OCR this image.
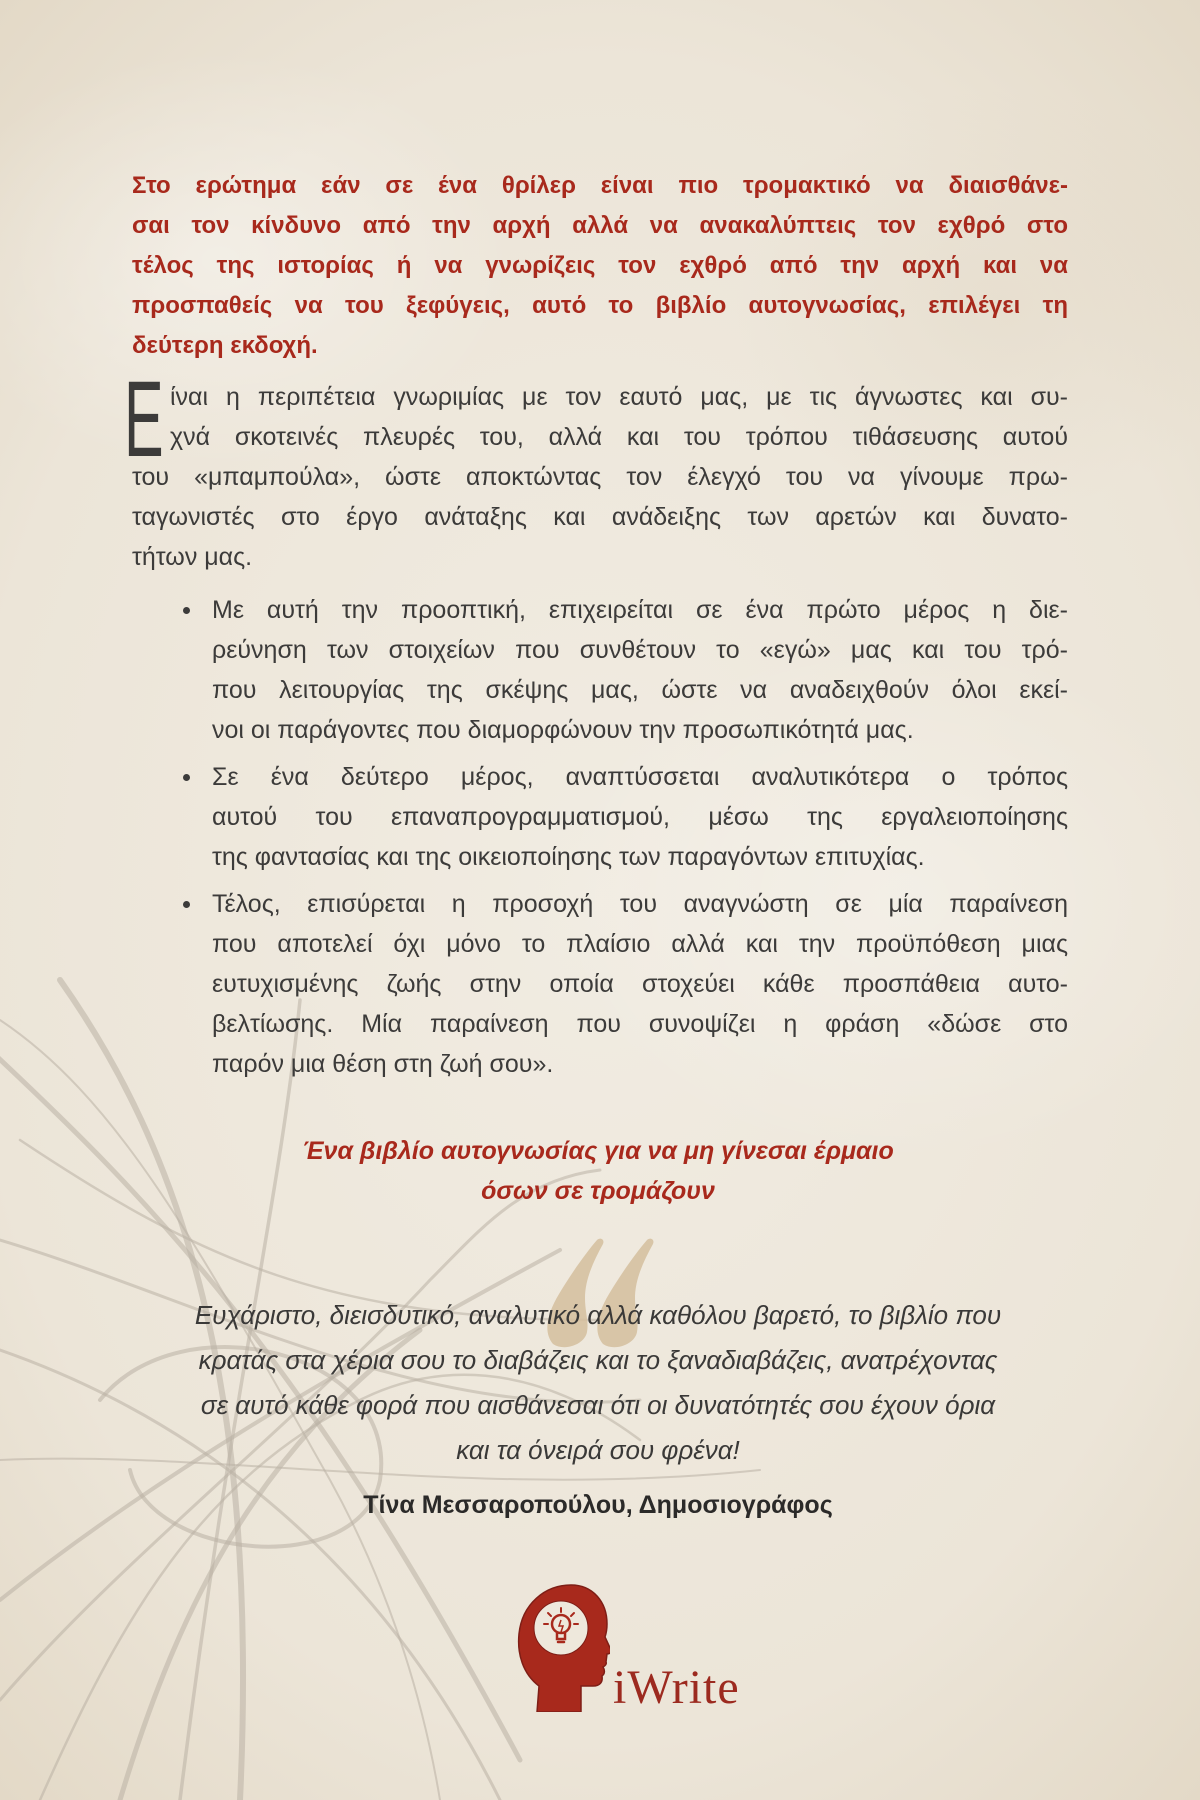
Στο ερώτημα εάν σε ένα θρίλερ είναι πιο τρομακτικό να διαισθάνε-
σαι τον κίνδυνο από την αρχή αλλά να ανακαλύπτεις τον εχθρό στο
τέλος της ιστορίας ή να γνωρίζεις τον εχθρό από την αρχή και να
προσπαθείς να του ξεφύγεις, αυτό το βιβλίο αυτογνωσίας, επιλέγει τη
δεύτερη εκδοχή.
Ε ίναι η περιπέτεια γνωριμίας με τον εαυτό μας, με τις άγνωστες και συ-
χνά σκοτεινές πλευρές του, αλλά και του τρόπου τιθάσευσης αυτού
του «μπαμπούλα», ώστε αποκτώντας τον έλεγχό του να γίνουμε πρω-
ταγωνιστές στο έργο ανάταξης και ανάδειξης των αρετών και δυνατο-
τήτων μας.
Με αυτή την προοπτική, επιχειρείται σε ένα πρώτο μέρος η διε-
ρεύνηση των στοιχείων που συνθέτουν το «εγώ» μας και του τρό-
που λειτουργίας της σκέψης μας, ώστε να αναδειχθούν όλοι εκεί-
νοι οι παράγοντες που διαμορφώνουν την προσωπικότητά μας.
Σε ένα δεύτερο μέρος, αναπτύσσεται αναλυτικότερα ο τρόπος
αυτού του επαναπρογραμματισμού, μέσω της εργαλειοποίησης
της φαντασίας και της οικειοποίησης των παραγόντων επιτυχίας.
Τέλος, επισύρεται η προσοχή του αναγνώστη σε μία παραίνεση
που αποτελεί όχι μόνο το πλαίσιο αλλά και την προϋπόθεση μιας
ευτυχισμένης ζωής στην οποία στοχεύει κάθε προσπάθεια αυτο-
βελτίωσης. Μία παραίνεση που συνοψίζει η φράση «δώσε στο
παρόν μια θέση στη ζωή σου».
Ένα βιβλίο αυτογνωσίας για να μη γίνεσαι έρμαιο
όσων σε τρομάζουν
Ευχάριστο, διεισδυτικό, αναλυτικό αλλά καθόλου βαρετό, το βιβλίο που
κρατάς στα χέρια σου το διαβάζεις και το ξαναδιαβάζεις, ανατρέχοντας
σε αυτό κάθε φορά που αισθάνεσαι ότι οι δυνατότητές σου έχουν όρια
και τα όνειρά σου φρένα!
Τίνα Μεσσαροπούλου, Δημοσιογράφος
iWrite
